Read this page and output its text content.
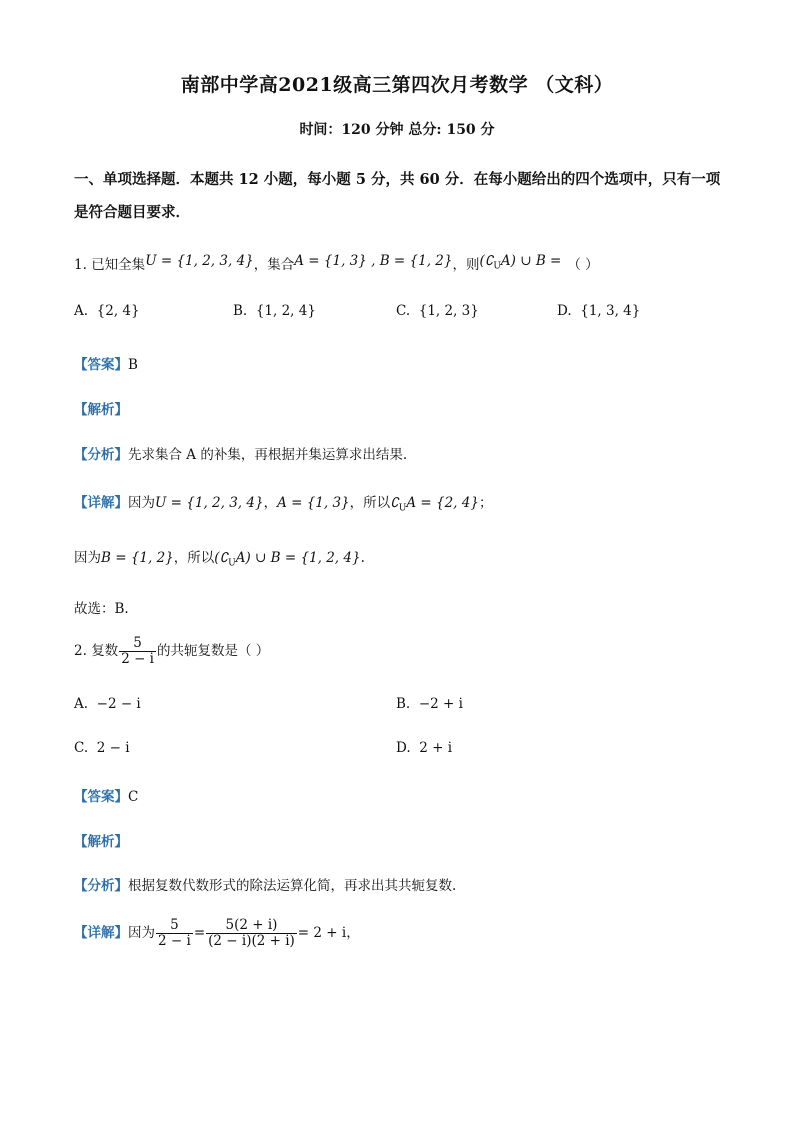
南部中学高2021级高三第四次月考数学 （文科）
时间：120 分钟 总分: 150 分
一、单项选择题．本题共 12 小题，每小题 5 分，共 60 分．在每小题给出的四个选项中，只有一项是符合题目要求．
1. 已知全集U = {1, 2, 3, 4}，集合A = {1, 3} , B = {1, 2}，则$(∁_UA)$ ∪ B = （ ）
A. {2, 4}	B. {1, 2, 4}	C. {1, 2, 3}	D. {1, 3, 4}
【答案】B
【解析】
【分析】先求集合 A 的补集，再根据并集运算求出结果.
【详解】因为U = {1, 2, 3, 4}，A = {1, 3}，所以$∁_UA = \{2$, 4}；
因为B = {1, 2}，所以$(∁_UA)$ ∪ B = {1, 2, 4}.
故选：B.
2. 复数 $\frac{5}{2 - i}$ 的共轭复数是（ ）
A. −2 − i	B. −2 + i
C. 2 − i	D. 2 + i
【答案】C
【解析】
【分析】根据复数代数形式的除法运算化简，再求出其共轭复数.
【详解】因为 $\frac{5}{2 - i} = \frac{5(2 + i)}{(2 - i)(2 + i)} = 2 + i$，
